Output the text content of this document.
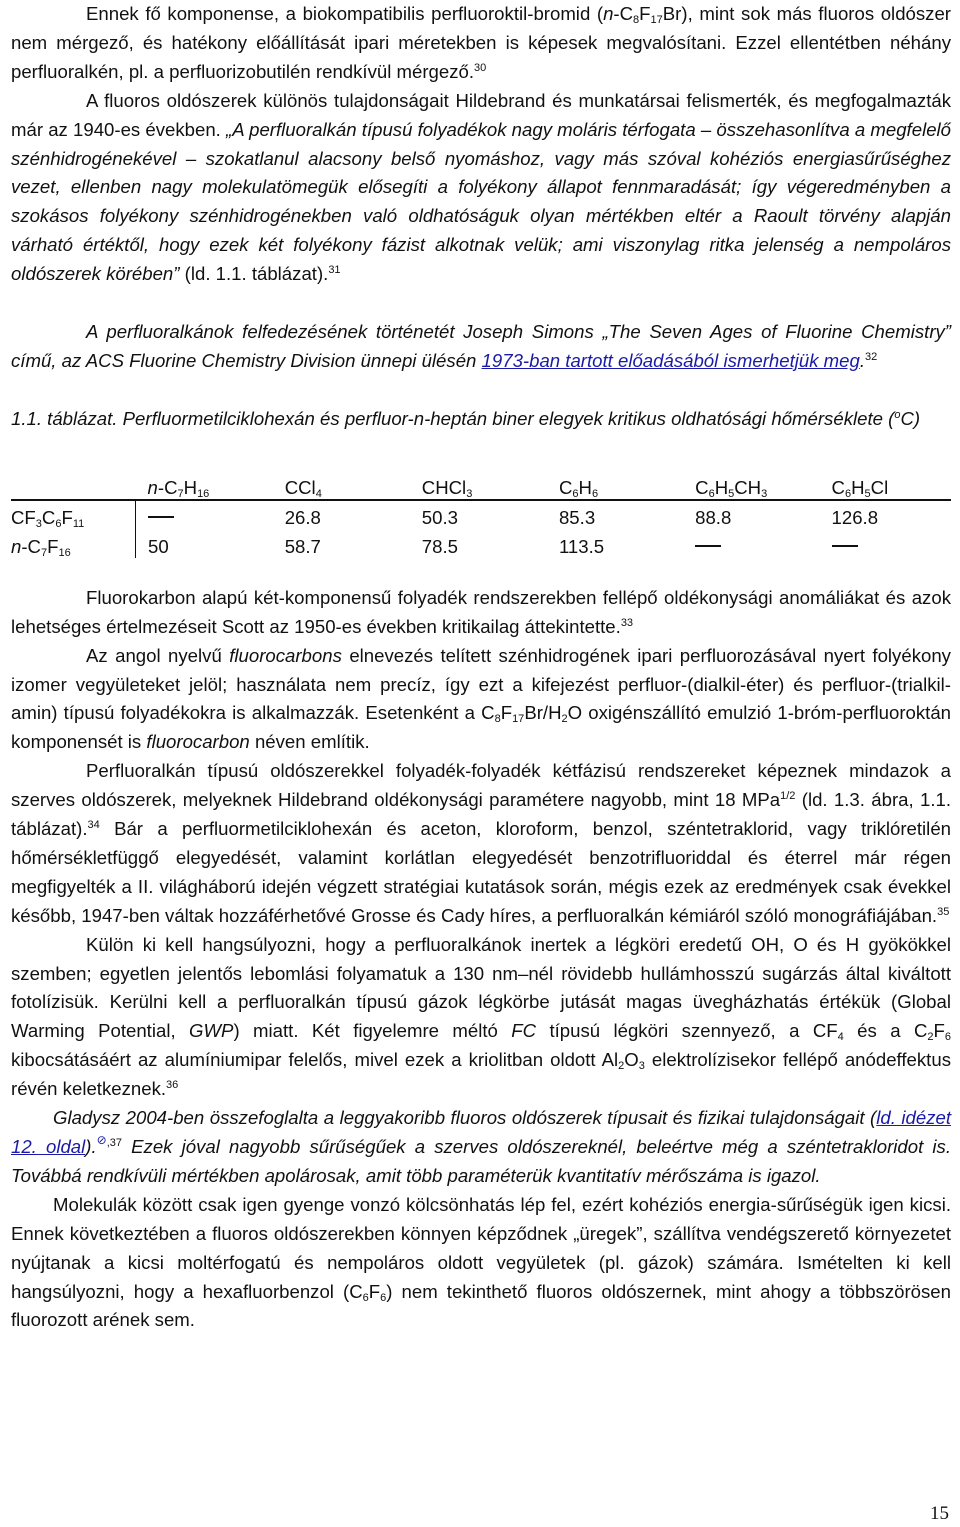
Ennek fő komponense, a biokompatibilis perfluoroktil-bromid $(n-C_8F_{17}Br)$, mint sok más fluoros oldószer nem mérgező, és hatékony előállítását ipari méretekben is képesek megvalósítani. Ezzel ellentétben néhány perfluoralkén, pl. a perfluorizobutilén rendkívül mérgező.$^{30}$

A fluoros oldószerek különös tulajdonságait Hildebrand és munkatársai felismerték, és megfogalmazták már az 1940-es években. „A perfluoralkán típusú folyadékok nagy moláris térfogata – összehasonlítva a megfelelő szénhidrogénekével – szokatlanul alacsony belső nyomáshoz, vagy más szóval kohéziós energiasűrűséghez vezet, ellenben nagy molekulatömegük elősegíti a folyékony állapot fennmaradását; így végeredményben a szokásos folyékony szénhidrogénekben való oldhatóságuk olyan mértékben eltér a Raoult törvény alapján várható értéktől, hogy ezek két folyékony fázist alkotnak velük; ami viszonylag ritka jelenség a nempoláros oldószerek körében” (ld. 1.1. táblázat).$^{31}$

A perfluoralkánok felfedezésének történetét Joseph Simons „The Seven Ages of Fluorine Chemistry” című, az ACS Fluorine Chemistry Division ünnepi ülésén 1973-ban tartott előadásából ismerhetjük meg.$^{32}$

1.1. táblázat. Perfluormetilciklohexán és perfluor-n-heptán biner elegyek kritikus oldhatósági hőmérséklete ($^o$C)

	$n-C_7H_{16}$	CCl$_4$	CHCl$_3$	$C_6H_6$	$C_6H_5CH_3$	$C_6H_5Cl$
$CF_3C_6F_{11}$		26.8	50.3	85.3	88.8	126.8
$n-C_7F_{16}$	50	58.7	78.5	113.5		

Fluorokarbon alapú két-komponensű folyadék rendszerekben fellépő oldékonysági anomáliákat és azok lehetséges értelmezéseit Scott az 1950-es években kritikailag áttekintette.$^{33}$

Az angol nyelvű fluorocarbons elnevezés telített szénhidrogének ipari perfluorozásával nyert folyékony izomer vegyületeket jelöl; használata nem precíz, így ezt a kifejezést perfluor-(dialkil-éter) és perfluor-(trialkil-amin) típusú folyadékokra is alkalmazzák. Esetenként a $C_8F_{17}Br/H_2O$ oxigénszállító emulzió 1-bróm-perfluoroktán komponensét is fluorocarbon néven említik.

Perfluoralkán típusú oldószerekkel folyadék-folyadék kétfázisú rendszereket képeznek mindazok a szerves oldószerek, melyeknek Hildebrand oldékonysági paramétere nagyobb, mint 18 MPa$^{1/2}$ (ld. 1.3. ábra, 1.1. táblázat).$^{34}$ Bár a perfluormetilciklohexán és aceton, kloroform, benzol, széntetraklorid, vagy triklóretilén hőmérsékletfüggő elegyedését, valamint korlátlan elegyedését benzotrifluoriddal és éterrel már régen megfigyelték a II. világháború idején végzett stratégiai kutatások során, mégis ezek az eredmények csak évekkel később, 1947-ben váltak hozzáférhetővé Grosse és Cady híres, a perfluoralkán kémiáról szóló monográfiájában.$^{35}$

Külön ki kell hangsúlyozni, hogy a perfluoralkánok inertek a légköri eredetű OH, O és H gyökökkel szemben; egyetlen jelentős lebomlási folyamatuk a 130 nm–nél rövidebb hullámhosszú sugárzás által kiváltott fotolízisük. Kerülni kell a perfluoralkán típusú gázok légkörbe jutását magas üvegházhatás értékük (Global Warming Potential, GWP) miatt. Két figyelemre méltó FC típusú légköri szennyező, a $CF_4$ és a $C_2F_6$ kibocsátásáért az alumíniumipar felelős, mivel ezek a kriolitban oldott $Al_2O_3$ elektrolízisekor fellépő anódeffektus révén keletkeznek.$^{36}$

Gladysz 2004-ben összefoglalta a leggyakoribb fluoros oldószerek típusait és fizikai tulajdonságait (ld. idézet 12. oldal).$^{⊘,37}$ Ezek jóval nagyobb sűrűségűek a szerves oldószereknél, beleértve még a széntetrakloridot is. Továbbá rendkívüli mértékben apolárosak, amit több paraméterük kvantitatív mérőszáma is igazol.

Molekulák között csak igen gyenge vonzó kölcsönhatás lép fel, ezért kohéziós energia-sűrűségük igen kicsi. Ennek következtében a fluoros oldószerekben könnyen képződnek „üregek”, szállítva vendégszerető környezetet nyújtanak a kicsi moltérfogatú és nempoláros oldott vegyületek (pl. gázok) számára. Ismételten ki kell hangsúlyozni, hogy a hexafluorbenzol $(C_6F_6)$ nem tekinthető fluoros oldószernek, mint ahogy a többszörösen fluorozott arének sem.

15
